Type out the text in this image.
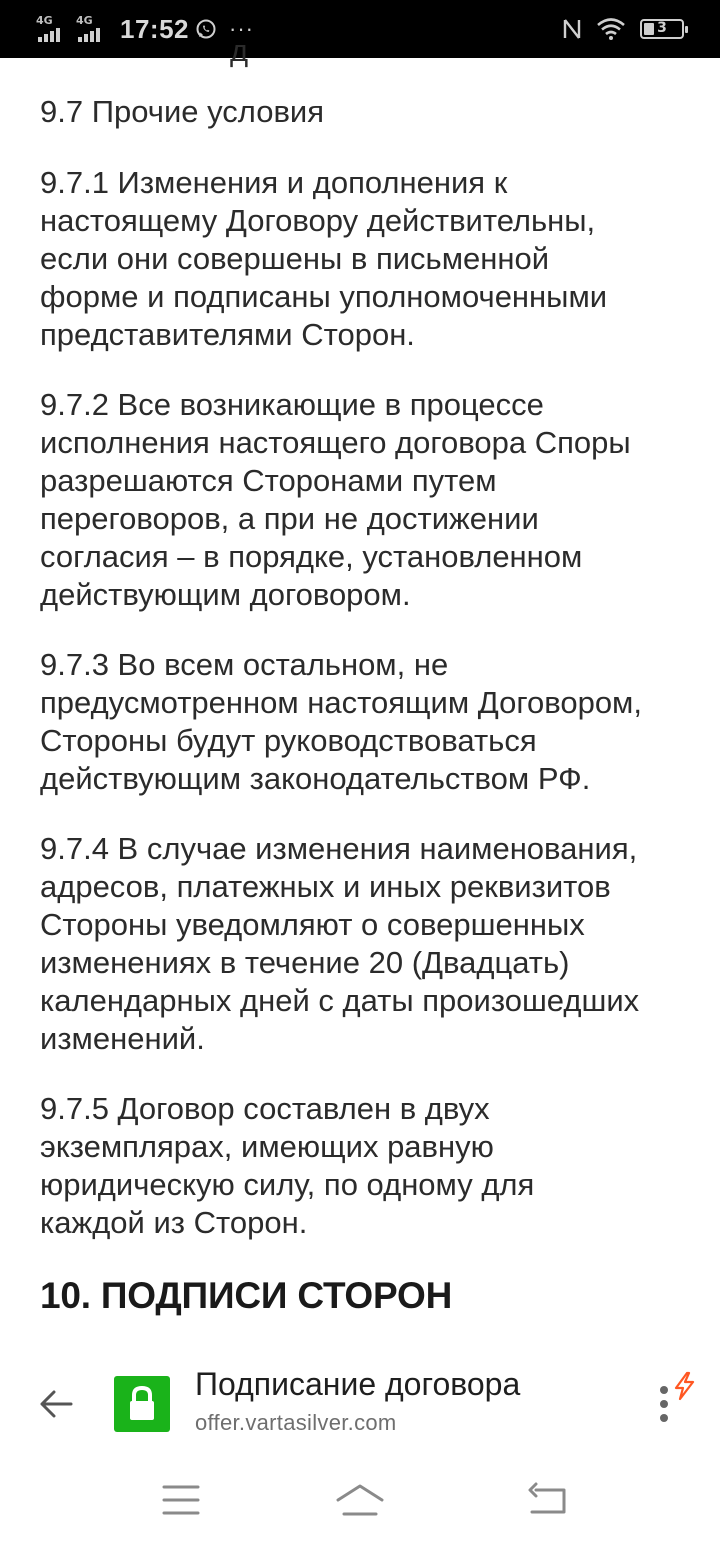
4G 4G 17:52 ···	3
д
9.7 Прочие условия
9.7.1 Изменения и дополнения к
настоящему Договору действительны,
если они совершены в письменной
форме и подписаны уполномоченными
представителями Сторон.
9.7.2 Все возникающие в процессе
исполнения настоящего договора Споры
разрешаются Сторонами путем
переговоров, а при не достижении
согласия – в порядке, установленном
действующим договором.
9.7.3 Во всем остальном, не
предусмотренном настоящим Договором,
Стороны будут руководствоваться
действующим законодательством РФ.
9.7.4 В случае изменения наименования,
адресов, платежных и иных реквизитов
Стороны уведомляют о совершенных
изменениях в течение 20 (Двадцать)
календарных дней с даты произошедших
изменений.
9.7.5 Договор составлен в двух
экземплярах, имеющих равную
юридическую силу, по одному для
каждой из Сторон.
10. ПОДПИСИ СТОРОН
Подписание договора
offer.vartasilver.com
